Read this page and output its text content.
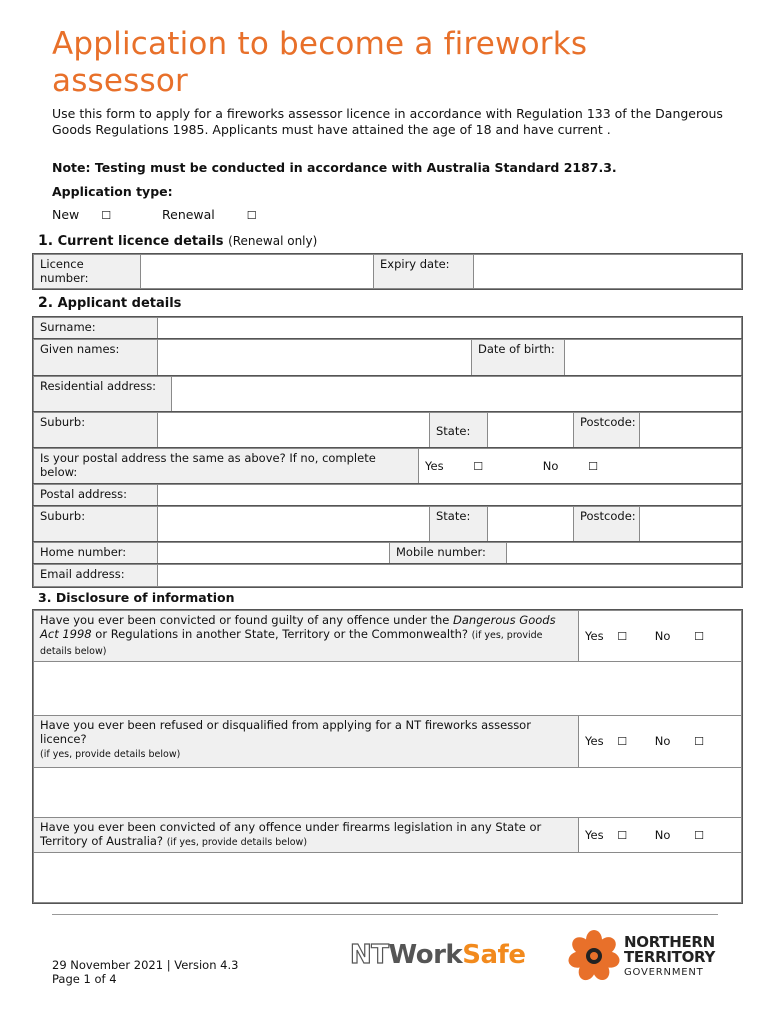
Application to become a fireworks assessor

Use this form to apply for a fireworks assessor licence in accordance with Regulation 133 of the Dangerous Goods Regulations 1985. Applicants must have attained the age of 18 and have current .

Note: Testing must be conducted in accordance with Australia Standard 2187.3.

Application type:

New ☐	Renewal	☐
1. Current licence details (Renewal only)
Licence number:		Expiry date:	
2. Applicant details
Surname:	
Given names:		Date of birth:	
Residential address:	
Suburb:		State:		Postcode:	
Is your postal address the same as above? If no, complete below:	Yes	☐	No	☐
Postal address:	
Suburb:		State:		Postcode:	
Home number:		Mobile number:	
Email address:	
3. Disclosure of information
Have you ever been convicted or found guilty of any offence under the Dangerous Goods Act 1998 or Regulations in another State, Territory or the Commonwealth? (if yes, provide details below)	Yes ☐ No ☐

Have you ever been refused or disqualified from applying for a NT fireworks assessor licence?
(if yes, provide details below)	Yes ☐ No ☐

Have you ever been convicted of any offence under firearms legislation in any State or Territory of Australia? (if yes, provide details below)	Yes ☐ No ☐

29 November 2021 | Version 4.3
Page 1 of 4
NTWorkSafe	NORTHERN
TERRITORY
GOVERNMENT
